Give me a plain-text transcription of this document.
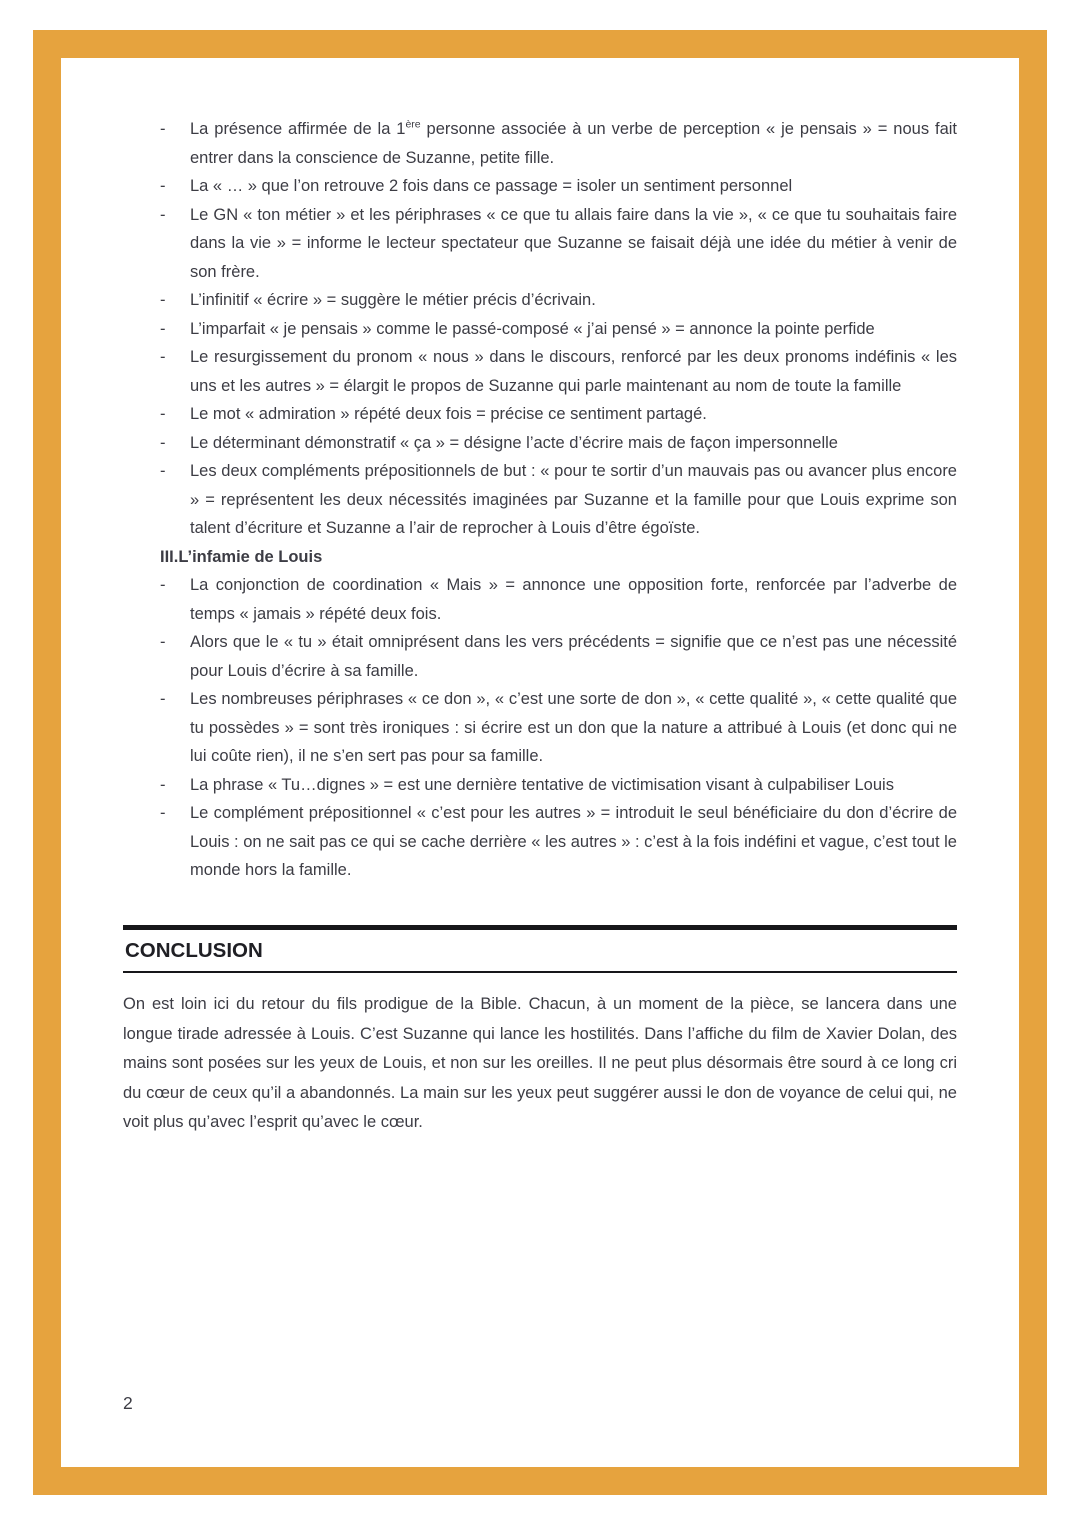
- La présence affirmée de la 1ère personne associée à un verbe de perception « je pensais » = nous fait entrer dans la conscience de Suzanne, petite fille.
- La « … » que l’on retrouve 2 fois dans ce passage = isoler un sentiment personnel
- Le GN « ton métier » et les périphrases « ce que tu allais faire dans la vie », « ce que tu souhaitais faire dans la vie » = informe le lecteur spectateur que Suzanne se faisait déjà une idée du métier à venir de son frère.
- L’infinitif « écrire » = suggère le métier précis d’écrivain.
- L’imparfait « je pensais » comme le passé-composé « j’ai pensé » = annonce la pointe perfide
- Le resurgissement du pronom « nous » dans le discours, renforcé par les deux pronoms indéfinis « les uns et les autres » = élargit le propos de Suzanne qui parle maintenant au nom de toute la famille
- Le mot « admiration » répété deux fois = précise ce sentiment partagé.
- Le déterminant démonstratif « ça » = désigne l’acte d’écrire mais de façon impersonnelle
- Les deux compléments prépositionnels de but : « pour te sortir d’un mauvais pas ou avancer plus encore » = représentent les deux nécessités imaginées par Suzanne et la famille pour que Louis exprime son talent d’écriture et Suzanne a l’air de reprocher à Louis d’être égoïste.
III.L’infamie de Louis
- La conjonction de coordination « Mais » = annonce une opposition forte, renforcée par l’adverbe de temps « jamais » répété deux fois.
- Alors que le « tu » était omniprésent dans les vers précédents = signifie que ce n’est pas une nécessité pour Louis d’écrire à sa famille.
- Les nombreuses périphrases « ce don », « c’est une sorte de don », « cette qualité », « cette qualité que tu possèdes » = sont très ironiques : si écrire est un don que la nature a attribué à Louis (et donc qui ne lui coûte rien), il ne s’en sert pas pour sa famille.
- La phrase « Tu…dignes » = est une dernière tentative de victimisation visant à culpabiliser Louis
- Le complément prépositionnel « c’est pour les autres » = introduit le seul bénéficiaire du don d’écrire de Louis : on ne sait pas ce qui se cache derrière « les autres » : c’est à la fois indéfini et vague, c’est tout le monde hors la famille.
CONCLUSION

On est loin ici du retour du fils prodigue de la Bible. Chacun, à un moment de la pièce, se lancera dans une longue tirade adressée à Louis. C’est Suzanne qui lance les hostilités. Dans l’affiche du film de Xavier Dolan, des mains sont posées sur les yeux de Louis, et non sur les oreilles. Il ne peut plus désormais être sourd à ce long cri du cœur de ceux qu’il a abandonnés. La main sur les yeux peut suggérer aussi le don de voyance de celui qui, ne voit plus qu’avec l’esprit qu’avec le cœur.

2
